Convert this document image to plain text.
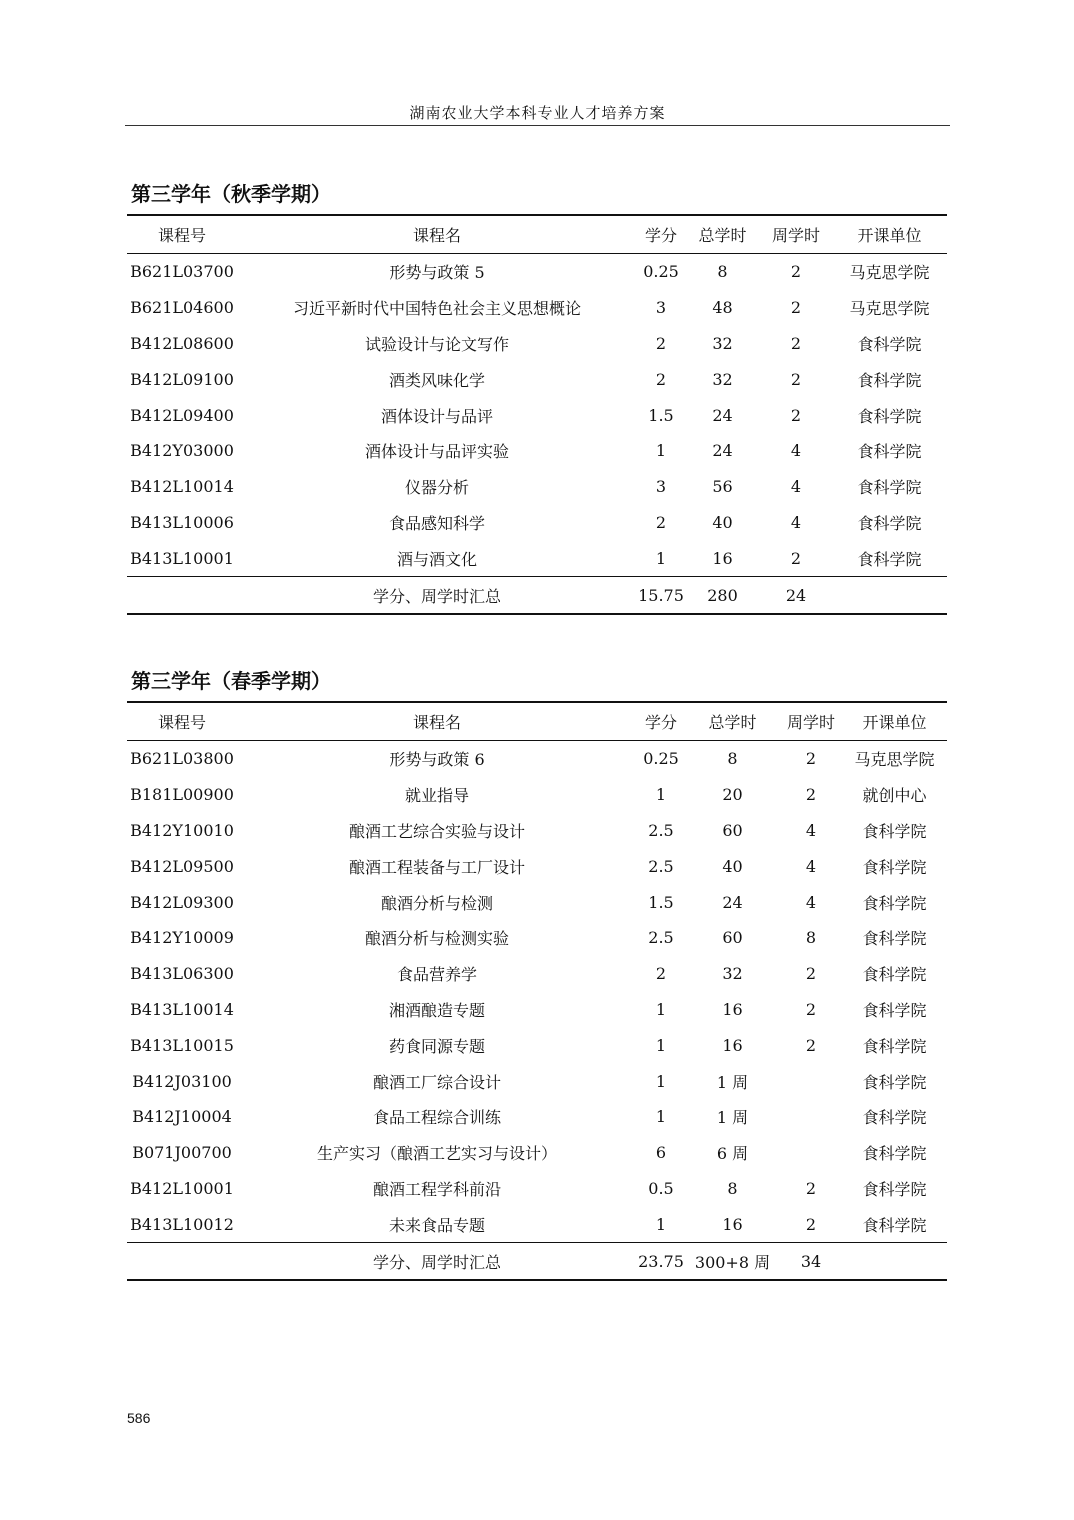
湖南农业大学本科专业人才培养方案
第三学年（秋季学期）
课程号	课程名	学分	总学时	周学时	开课单位
B621L03700	形势与政策 5	0.25	8	2	马克思学院
B621L04600	习近平新时代中国特色社会主义思想概论	3	48	2	马克思学院
B412L08600	试验设计与论文写作	2	32	2	食科学院
B412L09100	酒类风味化学	2	32	2	食科学院
B412L09400	酒体设计与品评	1.5	24	2	食科学院
B412Y03000	酒体设计与品评实验	1	24	4	食科学院
B412L10014	仪器分析	3	56	4	食科学院
B413L10006	食品感知科学	2	40	4	食科学院
B413L10001	酒与酒文化	1	16	2	食科学院
	学分、周学时汇总	15.75	280	24	
第三学年（春季学期）
课程号	课程名	学分	总学时	周学时	开课单位
B621L03800	形势与政策 6	0.25	8	2	马克思学院
B181L00900	就业指导	1	20	2	就创中心
B412Y10010	酿酒工艺综合实验与设计	2.5	60	4	食科学院
B412L09500	酿酒工程装备与工厂设计	2.5	40	4	食科学院
B412L09300	酿酒分析与检测	1.5	24	4	食科学院
B412Y10009	酿酒分析与检测实验	2.5	60	8	食科学院
B413L06300	食品营养学	2	32	2	食科学院
B413L10014	湘酒酿造专题	1	16	2	食科学院
B413L10015	药食同源专题	1	16	2	食科学院
B412J03100	酿酒工厂综合设计	1	1 周		食科学院
B412J10004	食品工程综合训练	1	1 周		食科学院
B071J00700	生产实习（酿酒工艺实习与设计）	6	6 周		食科学院
B412L10001	酿酒工程学科前沿	0.5	8	2	食科学院
B413L10012	未来食品专题	1	16	2	食科学院
	学分、周学时汇总	23.75	300+8 周	34	
586
